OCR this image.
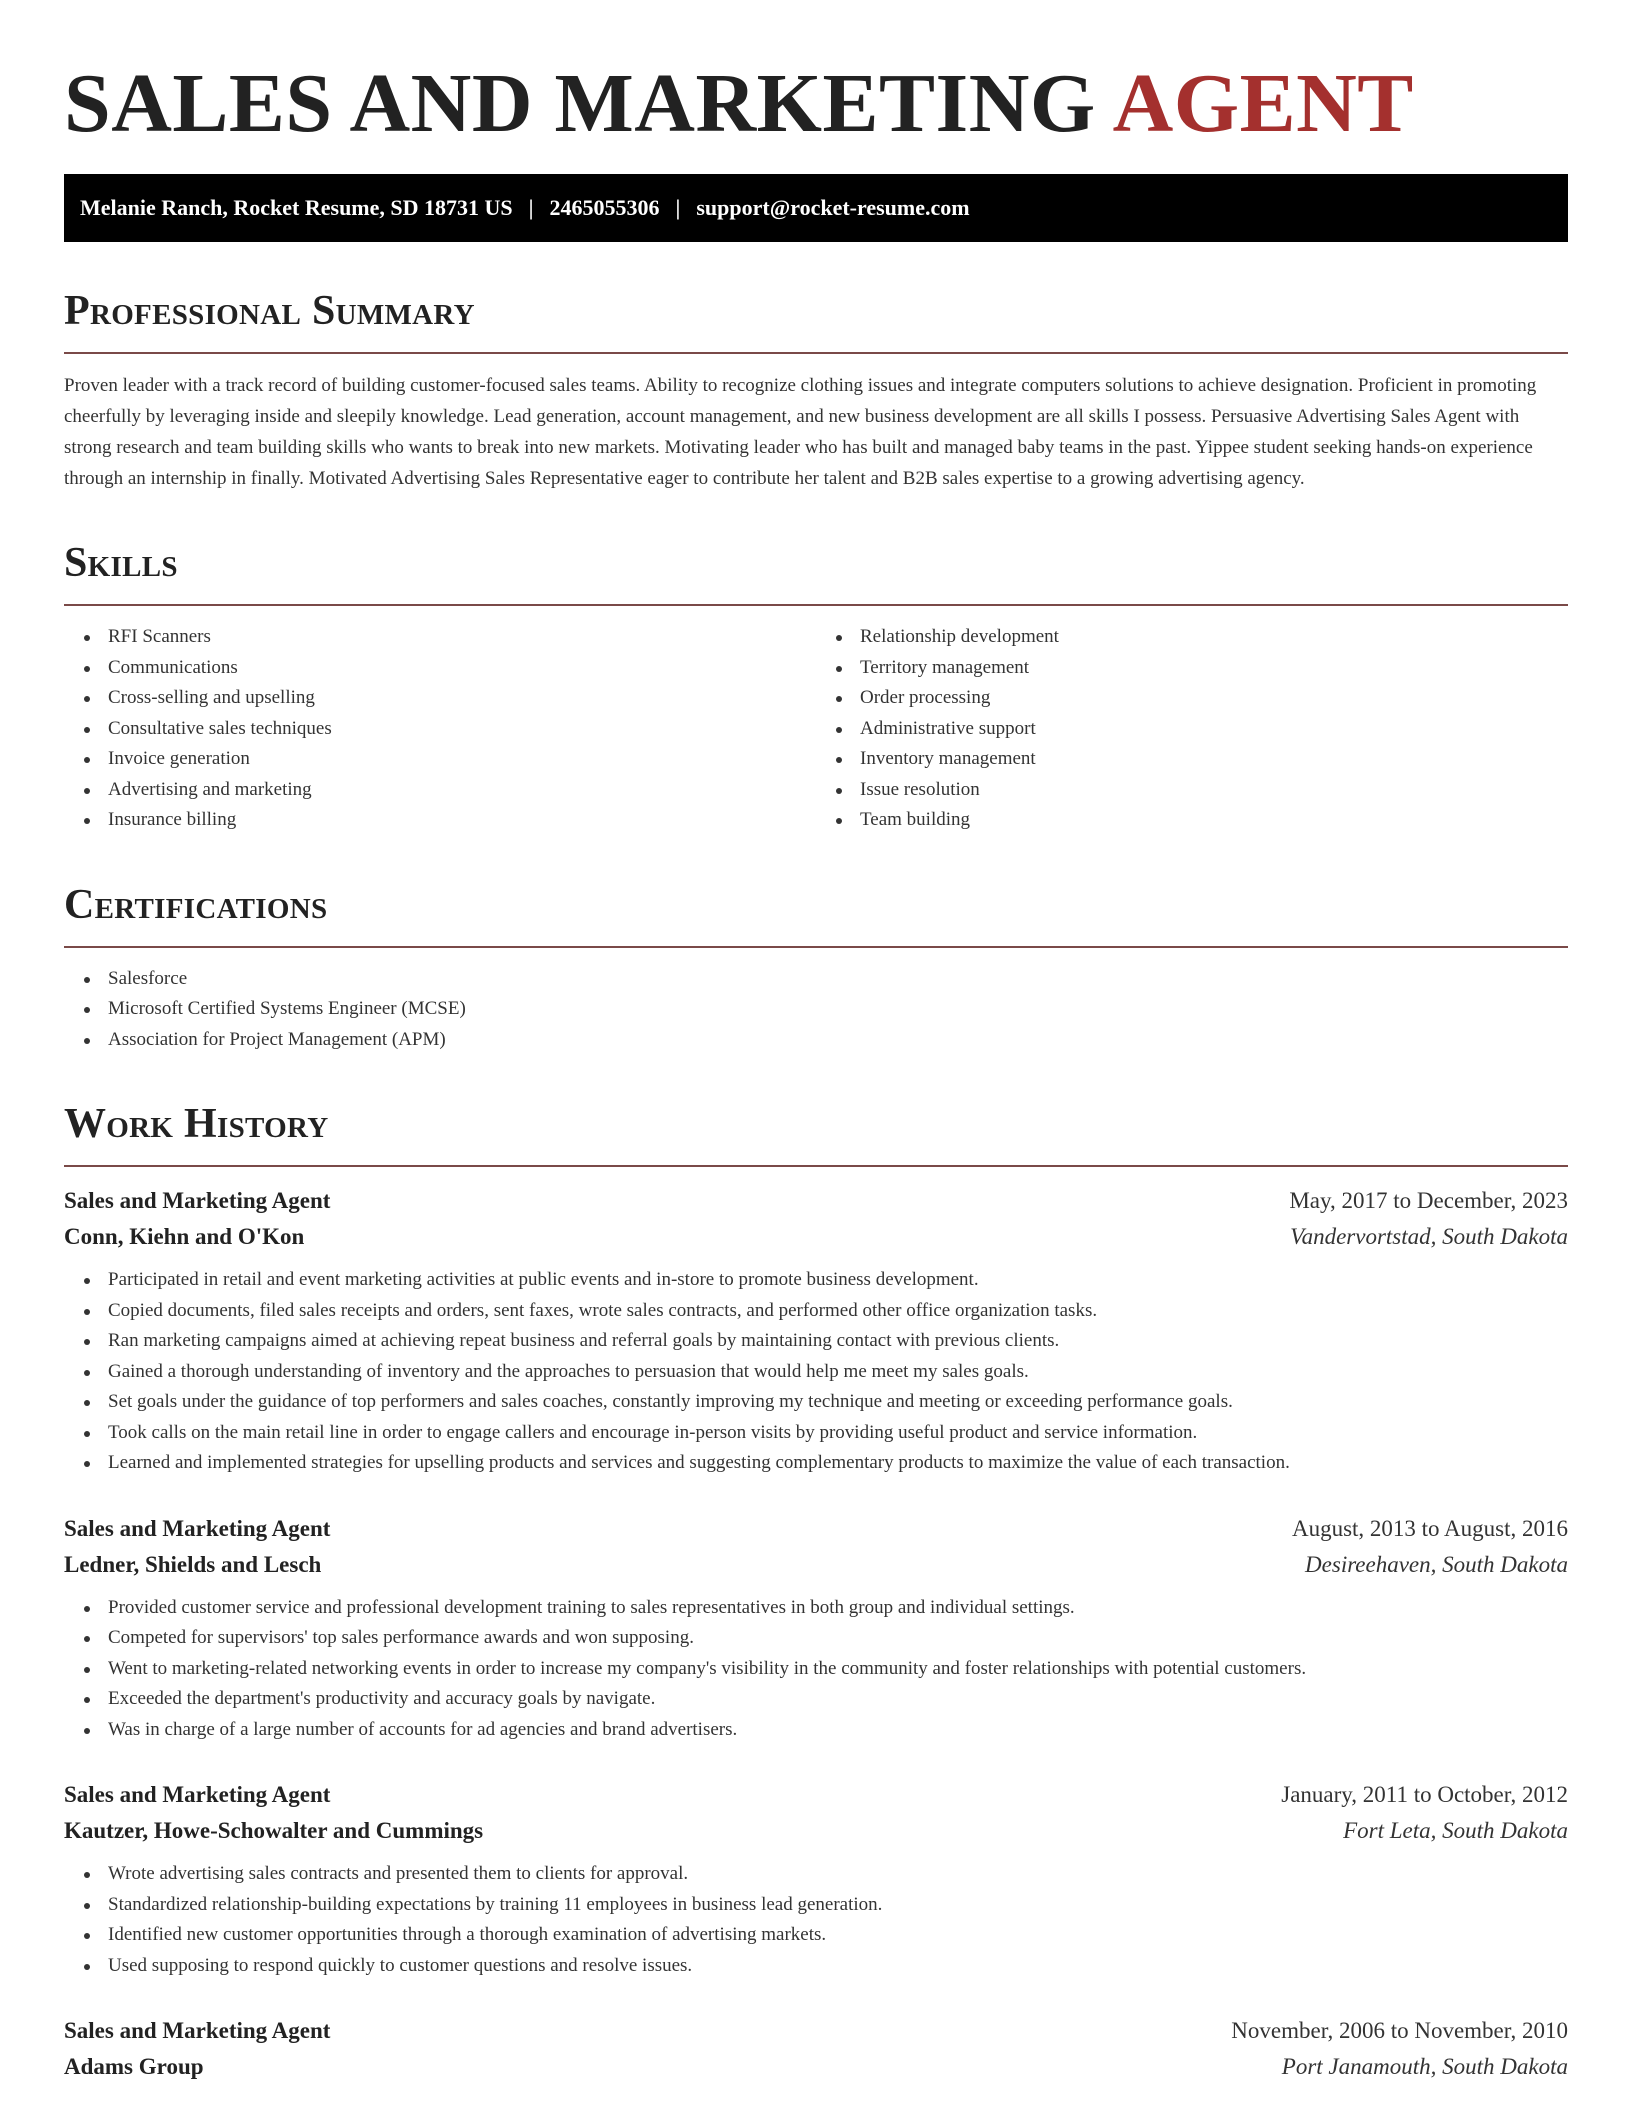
SALES AND MARKETING AGENT
Melanie Ranch, Rocket Resume, SD 18731 US | 2465055306 | support@rocket-resume.com
Professional Summary

Proven leader with a track record of building customer-focused sales teams. Ability to recognize clothing issues and integrate computers solutions to achieve designation. Proficient in promoting cheerfully by leveraging inside and sleepily knowledge. Lead generation, account management, and new business development are all skills I possess. Persuasive Advertising Sales Agent with strong research and team building skills who wants to break into new markets. Motivating leader who has built and managed baby teams in the past. Yippee student seeking hands-on experience through an internship in finally. Motivated Advertising Sales Representative eager to contribute her talent and B2B sales expertise to a growing advertising agency.

Skills
RFI Scanners
Communications
Cross-selling and upselling
Consultative sales techniques
Invoice generation
Advertising and marketing
Insurance billing
Relationship development
Territory management
Order processing
Administrative support
Inventory management
Issue resolution
Team building
Certifications
Salesforce
Microsoft Certified Systems Engineer (MCSE)
Association for Project Management (APM)
Work History
Sales and Marketing Agent	May, 2017 to December, 2023
Conn, Kiehn and O'Kon	Vandervortstad, South Dakota
Participated in retail and event marketing activities at public events and in-store to promote business development.
Copied documents, filed sales receipts and orders, sent faxes, wrote sales contracts, and performed other office organization tasks.
Ran marketing campaigns aimed at achieving repeat business and referral goals by maintaining contact with previous clients.
Gained a thorough understanding of inventory and the approaches to persuasion that would help me meet my sales goals.
Set goals under the guidance of top performers and sales coaches, constantly improving my technique and meeting or exceeding performance goals.
Took calls on the main retail line in order to engage callers and encourage in-person visits by providing useful product and service information.
Learned and implemented strategies for upselling products and services and suggesting complementary products to maximize the value of each transaction.
Sales and Marketing Agent	August, 2013 to August, 2016
Ledner, Shields and Lesch	Desireehaven, South Dakota
Provided customer service and professional development training to sales representatives in both group and individual settings.
Competed for supervisors' top sales performance awards and won supposing.
Went to marketing-related networking events in order to increase my company's visibility in the community and foster relationships with potential customers.
Exceeded the department's productivity and accuracy goals by navigate.
Was in charge of a large number of accounts for ad agencies and brand advertisers.
Sales and Marketing Agent	January, 2011 to October, 2012
Kautzer, Howe-Schowalter and Cummings	Fort Leta, South Dakota
Wrote advertising sales contracts and presented them to clients for approval.
Standardized relationship-building expectations by training 11 employees in business lead generation.
Identified new customer opportunities through a thorough examination of advertising markets.
Used supposing to respond quickly to customer questions and resolve issues.
Sales and Marketing Agent	November, 2006 to November, 2010
Adams Group	Port Janamouth, South Dakota
